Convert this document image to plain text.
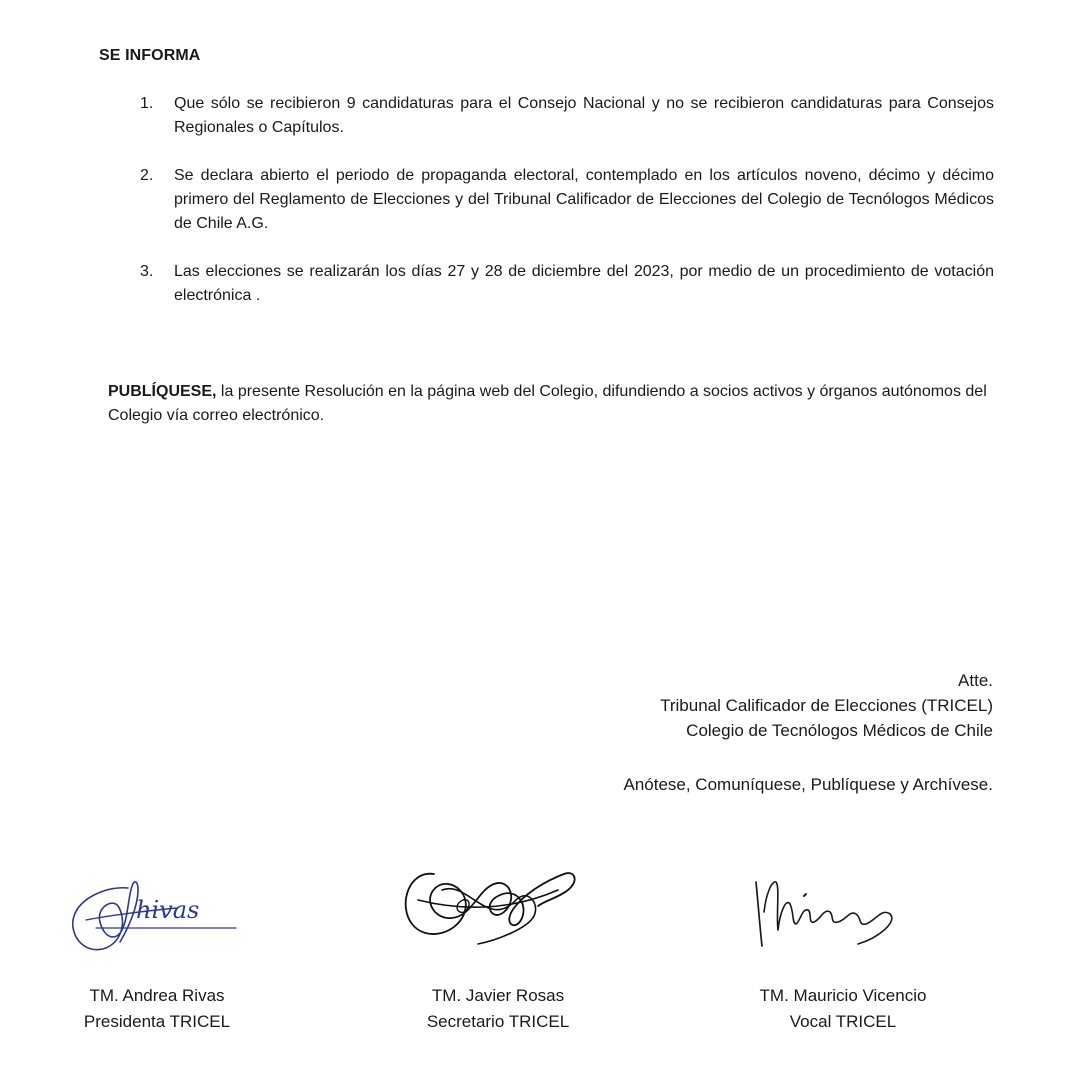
SE INFORMA
1. Que sólo se recibieron 9 candidaturas para el Consejo Nacional y no se recibieron candidaturas para Consejos Regionales o Capítulos.
2. Se declara abierto el periodo de propaganda electoral, contemplado en los artículos noveno, décimo y décimo primero del Reglamento de Elecciones y del Tribunal Calificador de Elecciones del Colegio de Tecnólogos Médicos de Chile A.G.
3. Las elecciones se realizarán los días 27 y 28 de diciembre del 2023, por medio de un procedimiento de votación electrónica .
PUBLÍQUESE, la presente Resolución en la página web del Colegio, difundiendo a socios activos y órganos autónomos del Colegio vía correo electrónico.
Atte.
Tribunal Calificador de Elecciones (TRICEL)
Colegio de Tecnólogos Médicos de Chile
Anótese, Comuníquese, Publíquese y Archívese.
hivas
TM. Andrea Rivas
Presidenta TRICEL
TM. Javier Rosas
Secretario TRICEL
TM. Mauricio Vicencio
Vocal TRICEL
